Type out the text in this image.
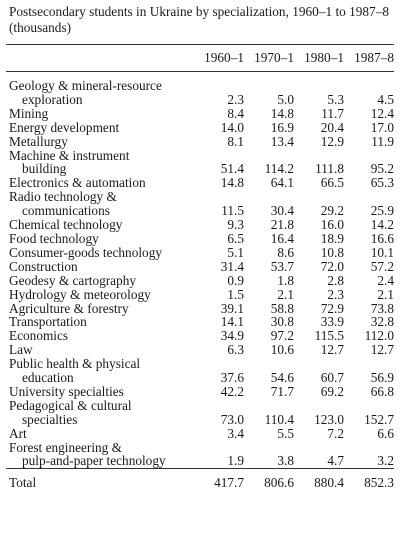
Postsecondary students in Ukraine by specialization, 1960–1 to 1987–8 (thousands)

	1960–1	1970–1	1980–1	1987–8

Geology & mineral-resource
exploration	2.3	5.0	5.3	4.5

Mining	8.4	14.8	11.7	12.4

Energy development	14.0	16.9	20.4	17.0

Metallurgy	8.1	13.4	12.9	11.9

Machine & instrument
building	51.4	114.2	111.8	95.2

Electronics & automation	14.8	64.1	66.5	65.3

Radio technology &
communications	11.5	30.4	29.2	25.9

Chemical technology	9.3	21.8	16.0	14.2

Food technology	6.5	16.4	18.9	16.6

Consumer-goods technology	5.1	8.6	10.8	10.1

Construction	31.4	53.7	72.0	57.2

Geodesy & cartography	0.9	1.8	2.8	2.4

Hydrology & meteorology	1.5	2.1	2.3	2.1

Agriculture & forestry	39.1	58.8	72.9	73.8

Transportation	14.1	30.8	33.9	32.8

Economics	34.9	97.2	115.5	112.0

Law	6.3	10.6	12.7	12.7

Public health & physical
education	37.6	54.6	60.7	56.9

University specialties	42.2	71.7	69.2	66.8

Pedagogical & cultural
specialties	73.0	110.4	123.0	152.7

Art	3.4	5.5	7.2	6.6

Forest engineering &
pulp-and-paper technology	1.9	3.8	4.7	3.2

Total	417.7	806.6	880.4	852.3
